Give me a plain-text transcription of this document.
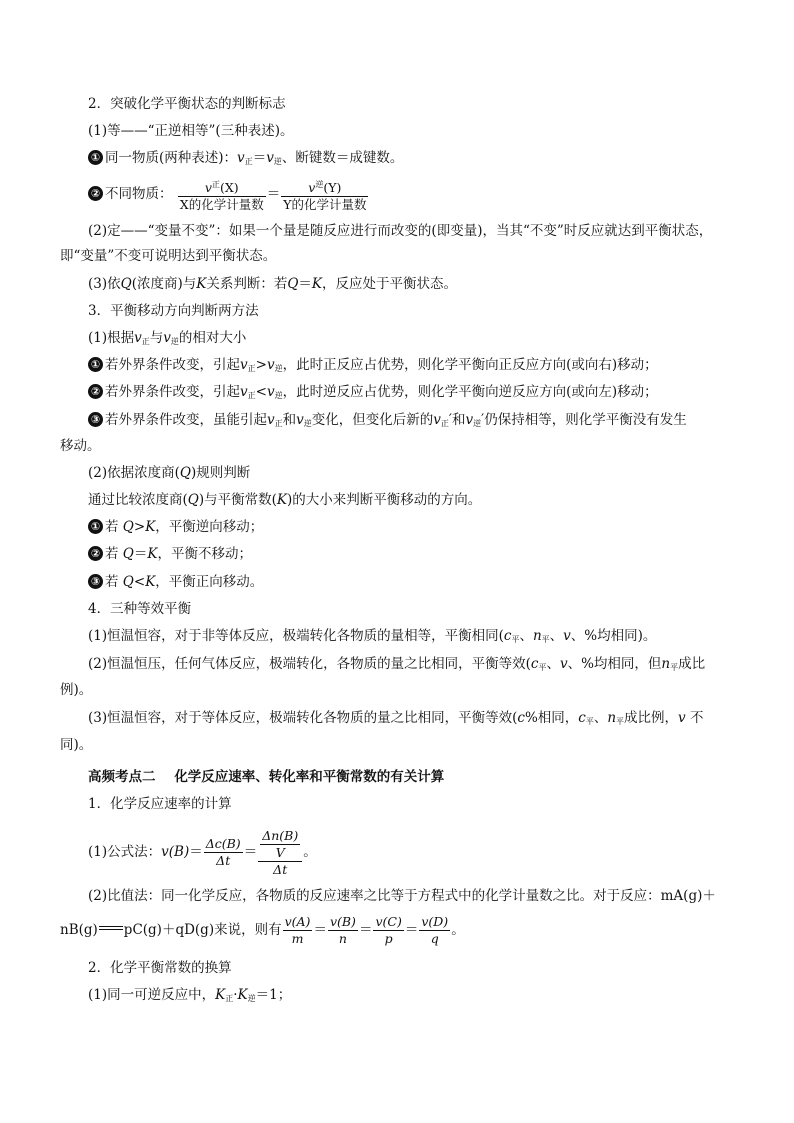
2．突破化学平衡状态的判断标志
(1)等——“正逆相等”(三种表述)。
① 同一物质(两种表述)：$v_正=v_逆$、断键数＝成键数。
② 不同物质： $\frac{v^正(X)}{\text{X的化学计量数}} = \frac{v^逆(Y)}{\text{Y的化学计量数}}$
(2)定——“变量不变”：如果一个量是随反应进行而改变的(即变量)，当其“不变”时反应就达到平衡状态，
即“变量”不变可说明达到平衡状态。
(3)依Q(浓度商)与K关系判断：若Q＝K，反应处于平衡状态。
3．平衡移动方向判断两方法
(1)根据$v_正$与$v_逆$的相对大小
① 若外界条件改变，引起$v_正>v_逆$，此时正反应占优势，则化学平衡向正反应方向(或向右)移动；
② 若外界条件改变，引起$v_正<v_逆$，此时逆反应占优势，则化学平衡向逆反应方向(或向左)移动；
③ 若外界条件改变，虽能引起$v_正$和$v_逆$变化，但变化后新的$v_正'$和$v_逆'$仍保持相等，则化学平衡没有发生
移动。
(2)依据浓度商(Q)规则判断
通过比较浓度商(Q)与平衡常数(K)的大小来判断平衡移动的方向。
① 若 Q>K，平衡逆向移动；
② 若 Q＝K，平衡不移动；
③ 若 Q<K，平衡正向移动。
4．三种等效平衡
(1)恒温恒容，对于非等体反应，极端转化各物质的量相等，平衡相同($c_平$、$n_平$、v、%均相同)。
(2)恒温恒压，任何气体反应，极端转化，各物质的量之比相同，平衡等效($c_平$、v、%均相同，但$n_平$成比
例)。
(3)恒温恒容，对于等体反应，极端转化各物质的量之比相同，平衡等效(c%相同，$c_平$、$n_平$成比例，v 不
同)。
高频考点二 化学反应速率、转化率和平衡常数的有关计算
1．化学反应速率的计算
(1)公式法：$v(B)= \frac{\Delta c(B)}{\Delta t} = \frac{\frac{\Delta n(B)}{V}}{\Delta t}$ 。
(2)比值法：同一化学反应，各物质的反应速率之比等于方程式中的化学计量数之比。对于反应：mA(g)＋
nB(g) pC(g)＋qD(g)来说，则有 $\frac{v(A)}{m} = \frac{v(B)}{n} = \frac{v(C)}{p} = \frac{v(D)}{q}$ 。
2．化学平衡常数的换算
(1)同一可逆反应中，$K_正\cdot K_逆=1$；
